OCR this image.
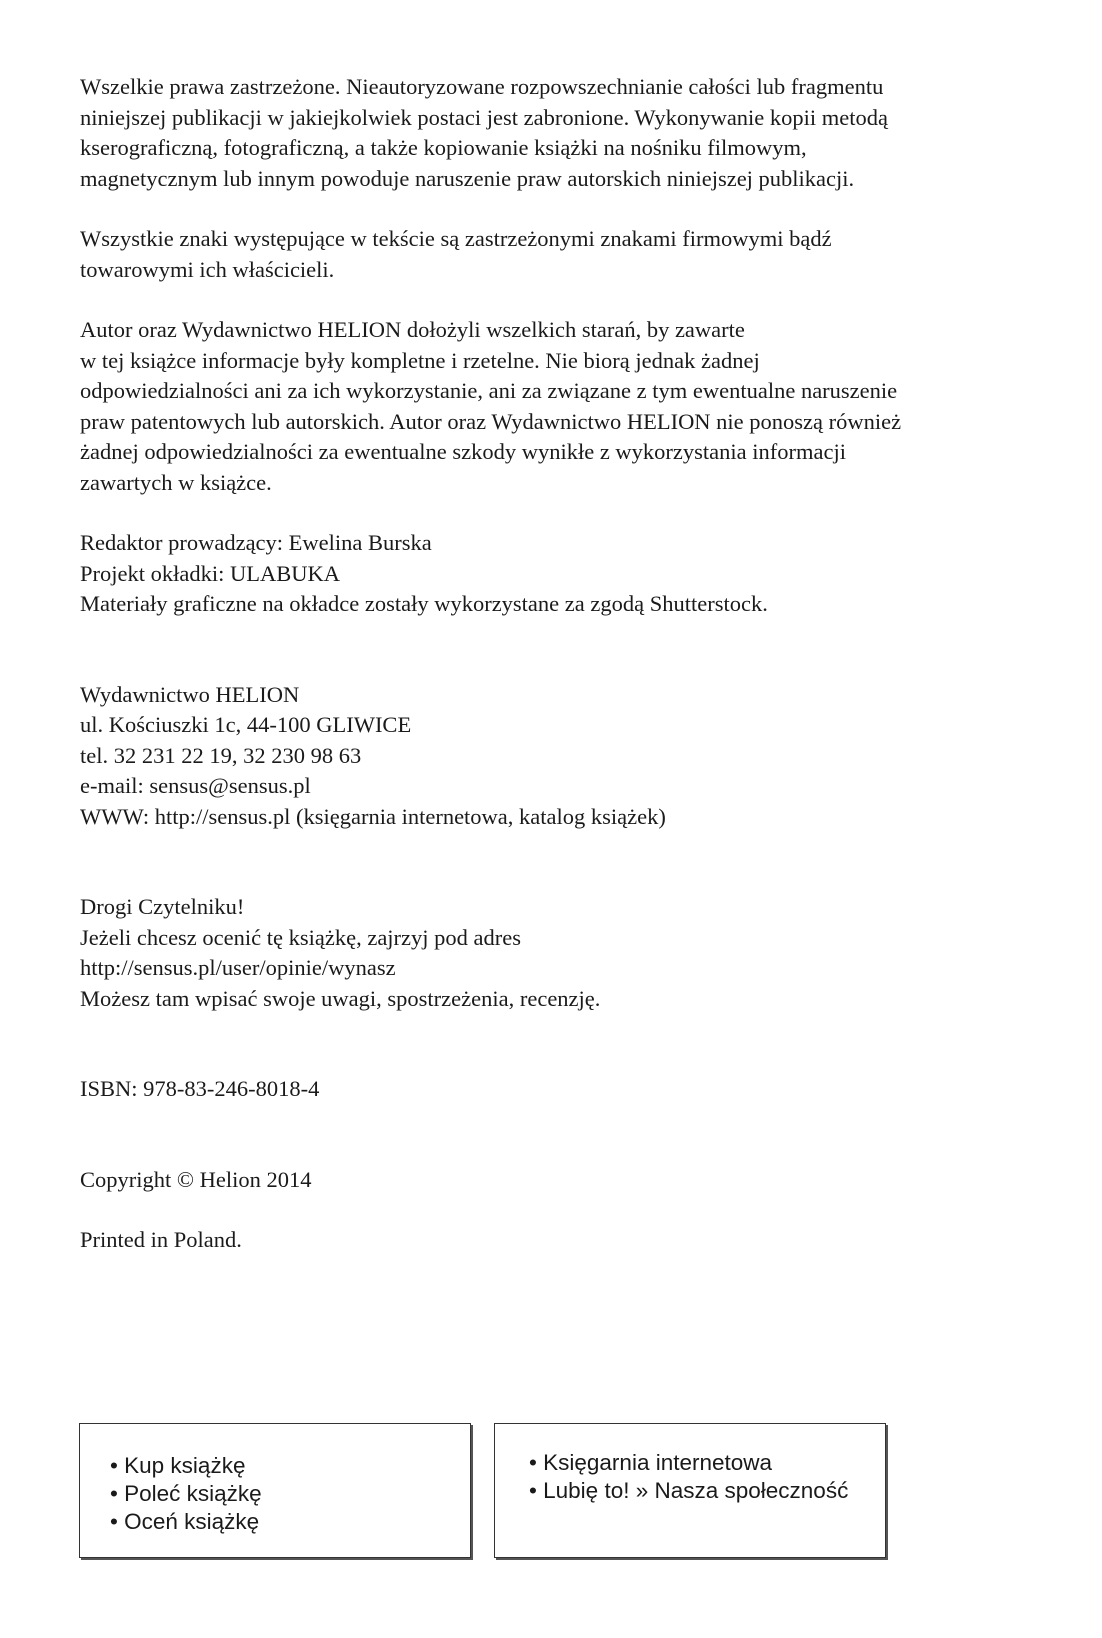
Wszelkie prawa zastrzeżone. Nieautoryzowane rozpowszechnianie całości lub fragmentu
niniejszej publikacji w jakiejkolwiek postaci jest zabronione. Wykonywanie kopii metodą
kserograficzną, fotograficzną, a także kopiowanie książki na nośniku filmowym,
magnetycznym lub innym powoduje naruszenie praw autorskich niniejszej publikacji.

Wszystkie znaki występujące w tekście są zastrzeżonymi znakami firmowymi bądź
towarowymi ich właścicieli.

Autor oraz Wydawnictwo HELION dołożyli wszelkich starań, by zawarte
w tej książce informacje były kompletne i rzetelne. Nie biorą jednak żadnej
odpowiedzialności ani za ich wykorzystanie, ani za związane z tym ewentualne naruszenie
praw patentowych lub autorskich. Autor oraz Wydawnictwo HELION nie ponoszą również
żadnej odpowiedzialności za ewentualne szkody wynikłe z wykorzystania informacji
zawartych w książce.

Redaktor prowadzący: Ewelina Burska
Projekt okładki: ULABUKA
Materiały graficzne na okładce zostały wykorzystane za zgodą Shutterstock.

Wydawnictwo HELION
ul. Kościuszki 1c, 44-100 GLIWICE
tel. 32 231 22 19, 32 230 98 63
e-mail: sensus@sensus.pl
WWW: http://sensus.pl (księgarnia internetowa, katalog książek)

Drogi Czytelniku!
Jeżeli chcesz ocenić tę książkę, zajrzyj pod adres
http://sensus.pl/user/opinie/wynasz
Możesz tam wpisać swoje uwagi, spostrzeżenia, recenzję.

ISBN: 978-83-246-8018-4

Copyright © Helion 2014

Printed in Poland.

• Kup książkę
• Poleć książkę
• Oceń książkę
• Księgarnia internetowa
• Lubię to! » Nasza społeczność
